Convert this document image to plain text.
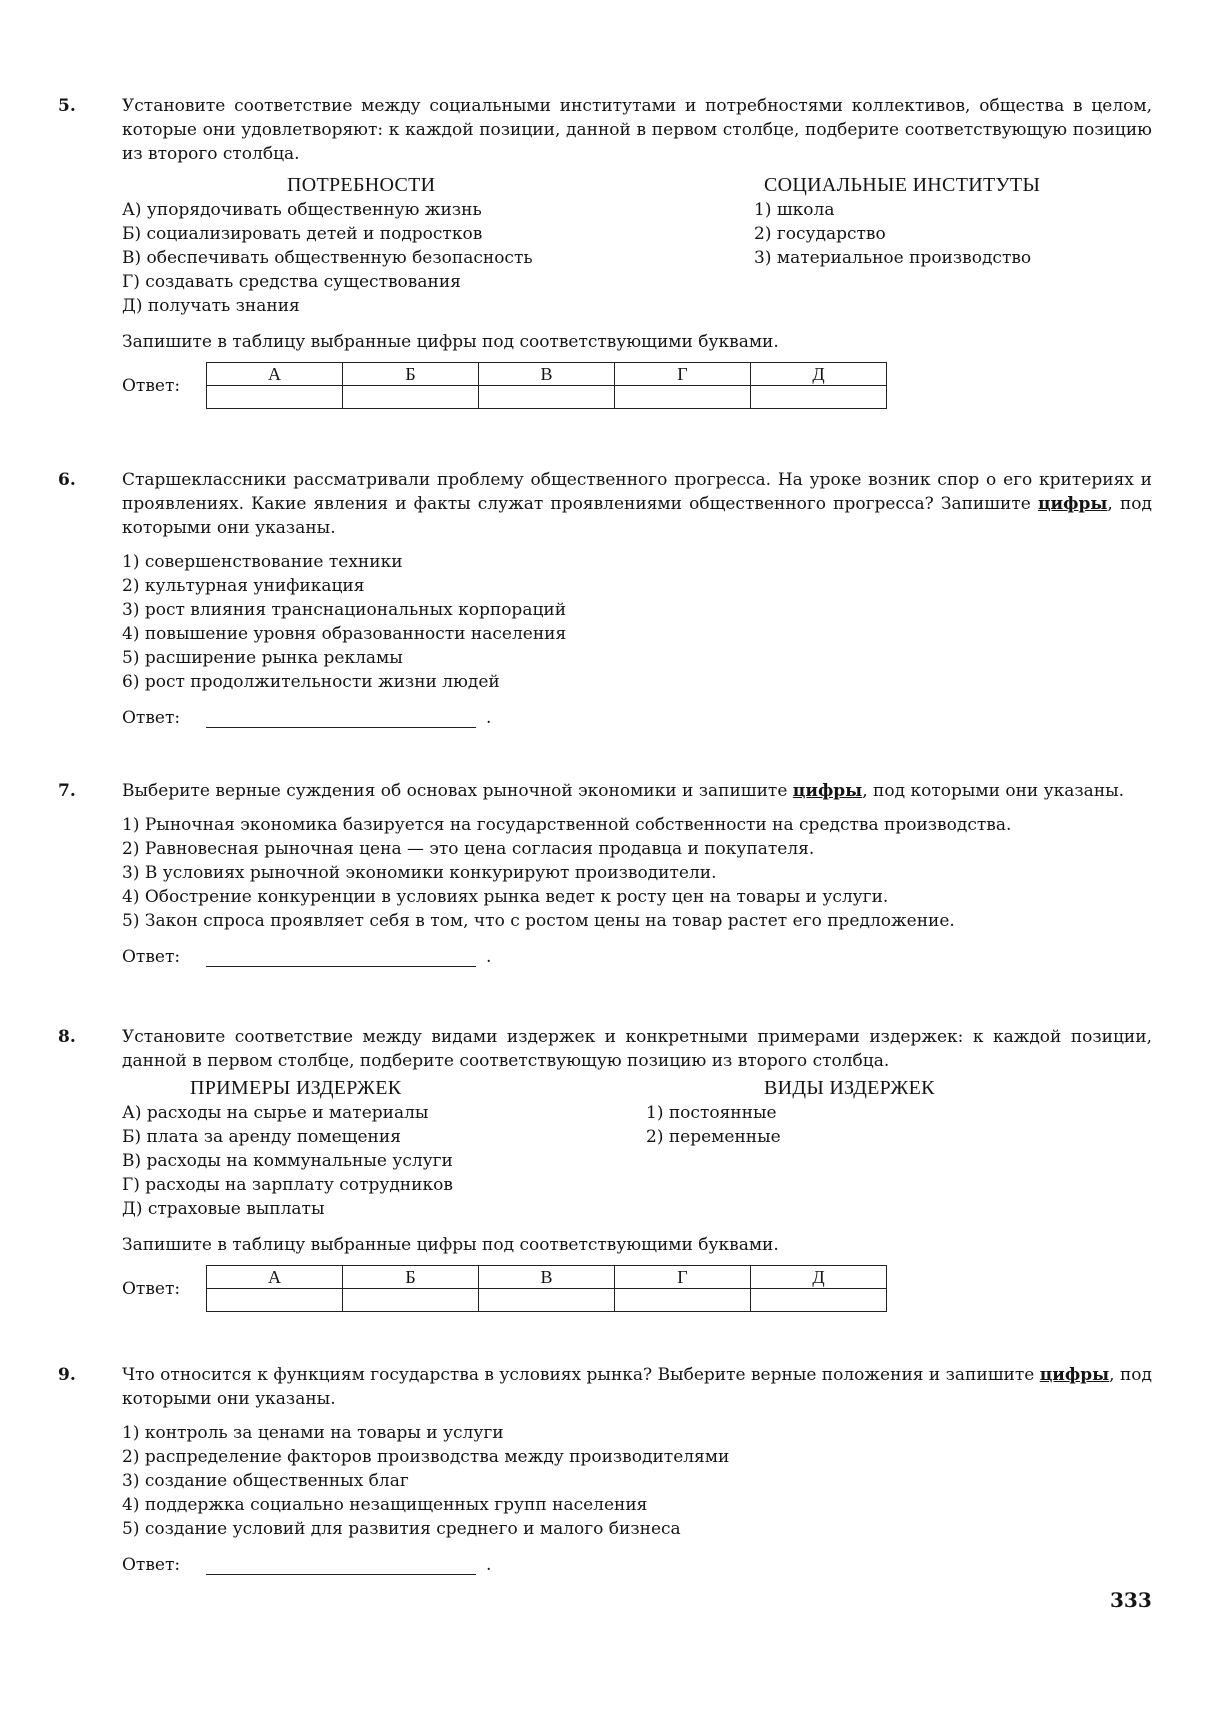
5.	Установите соответствие между социальными институтами и потребностями коллективов, общества в целом, которые они удовлетворяют: к каждой позиции, данной в первом столбце, подберите соответствующую позицию из второго столбца.

ПОТРЕБНОСТИ
А) упорядочивать общественную жизнь
Б) социализировать детей и подростков
В) обеспечивать общественную безопасность
Г) создавать средства существования
Д) получать знания
СОЦИАЛЬНЫЕ ИНСТИТУТЫ
1) школа
2) государство
3) материальное производство
Запишите в таблицу выбранные цифры под соответствующими буквами.
Ответ:
А	Б	В	Г	Д

6.	Старшеклассники рассматривали проблему общественного прогресса. На уроке возник спор о его критериях и проявлениях. Какие явления и факты служат проявлениями общественного прогресса? Запишите цифры, под которыми они указаны.

1) совершенствование техники
2) культурная унификация
3) рост влияния транснациональных корпораций
4) повышение уровня образованности населения
5) расширение рынка рекламы
6) рост продолжительности жизни людей
Ответ:	.
7.	Выберите верные суждения об основах рыночной экономики и запишите цифры, под которыми они указаны.

1) Рыночная экономика базируется на государственной собственности на средства производства.
2) Равновесная рыночная цена — это цена согласия продавца и покупателя.
3) В условиях рыночной экономики конкурируют производители.
4) Обострение конкуренции в условиях рынка ведет к росту цен на товары и услуги.
5) Закон спроса проявляет себя в том, что с ростом цены на товар растет его предложение.
Ответ:	.
8.	Установите соответствие между видами издержек и конкретными примерами издержек: к каждой позиции, данной в первом столбце, подберите соответствующую позицию из второго столбца.

ПРИМЕРЫ ИЗДЕРЖЕК
А) расходы на сырье и материалы
Б) плата за аренду помещения
В) расходы на коммунальные услуги
Г) расходы на зарплату сотрудников
Д) страховые выплаты
ВИДЫ ИЗДЕРЖЕК
1) постоянные
2) переменные
Запишите в таблицу выбранные цифры под соответствующими буквами.
Ответ:
А	Б	В	Г	Д

9.	Что относится к функциям государства в условиях рынка? Выберите верные положения и запишите цифры, под которыми они указаны.

1) контроль за ценами на товары и услуги
2) распределение факторов производства между производителями
3) создание общественных благ
4) поддержка социально незащищенных групп населения
5) создание условий для развития среднего и малого бизнеса
Ответ:	.
333
